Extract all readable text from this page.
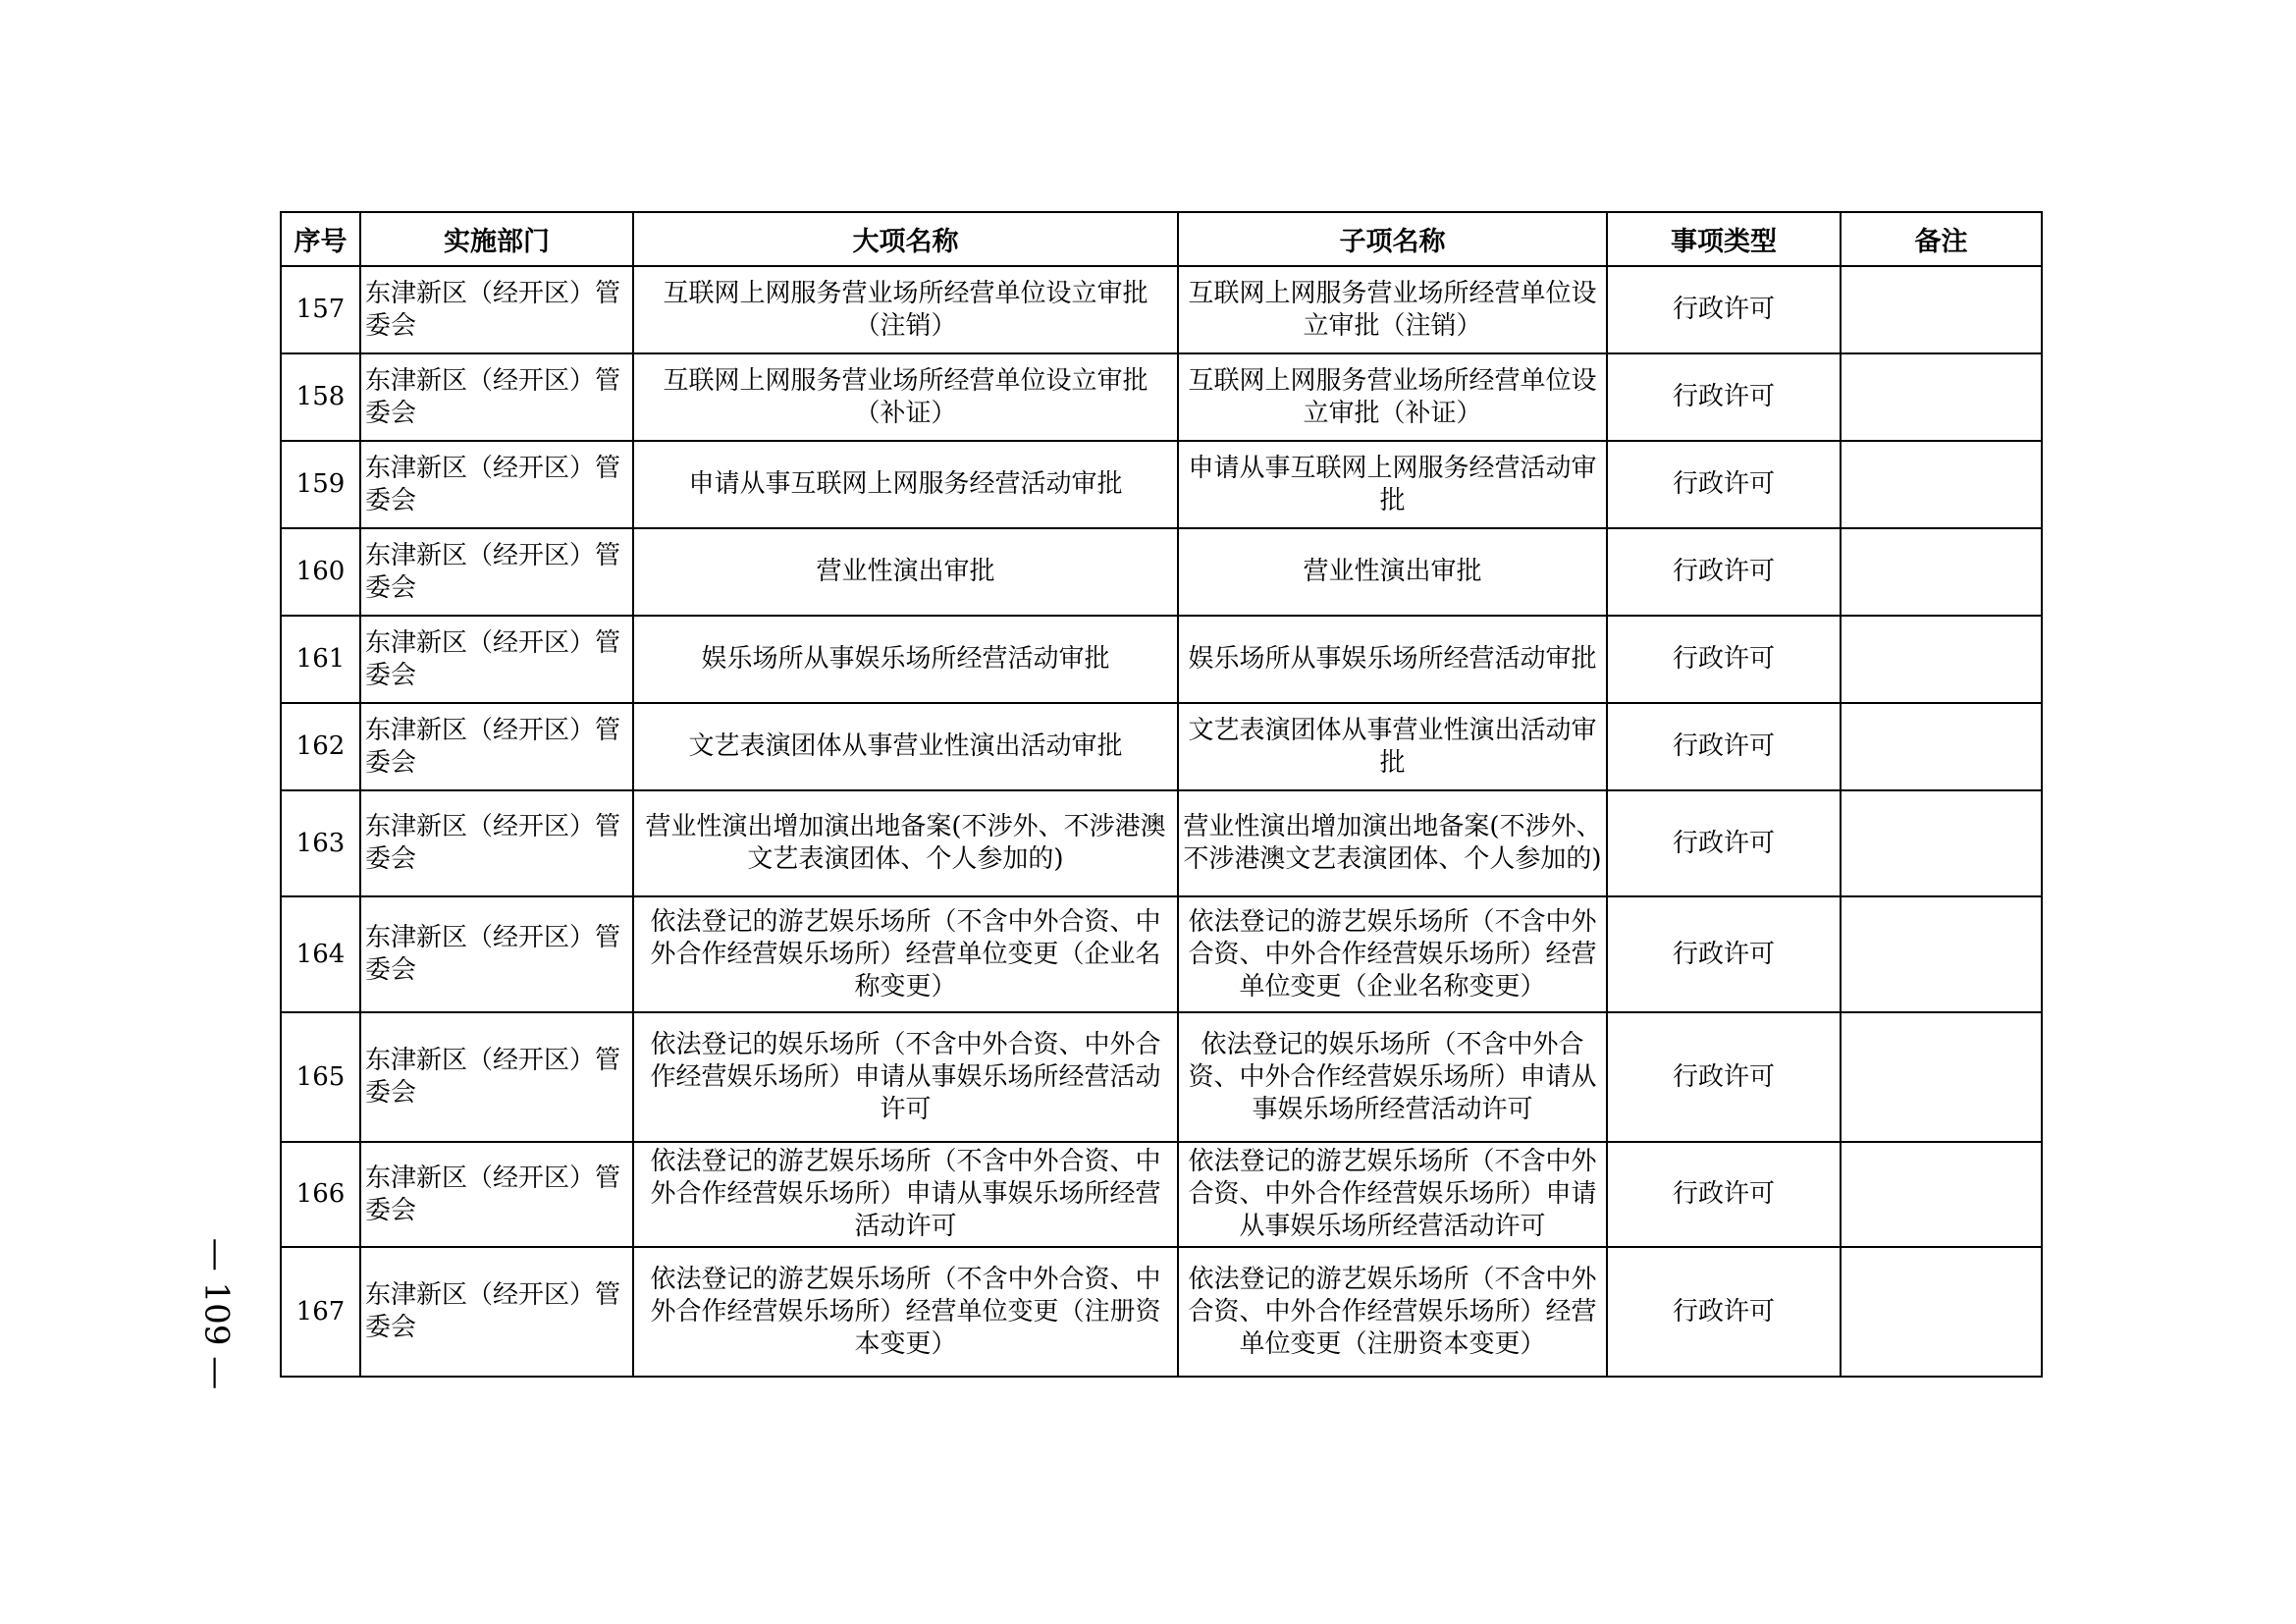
序号	实施部门	大项名称	子项名称	事项类型	备注
157	东津新区（经开区）管委会	互联网上网服务营业场所经营单位设立审批（注销）	互联网上网服务营业场所经营单位设立审批（注销）	行政许可	
158	东津新区（经开区）管委会	互联网上网服务营业场所经营单位设立审批（补证）	互联网上网服务营业场所经营单位设立审批（补证）	行政许可	
159	东津新区（经开区）管委会	申请从事互联网上网服务经营活动审批	申请从事互联网上网服务经营活动审批	行政许可	
160	东津新区（经开区）管委会	营业性演出审批	营业性演出审批	行政许可	
161	东津新区（经开区）管委会	娱乐场所从事娱乐场所经营活动审批	娱乐场所从事娱乐场所经营活动审批	行政许可	
162	东津新区（经开区）管委会	文艺表演团体从事营业性演出活动审批	文艺表演团体从事营业性演出活动审批	行政许可	
163	东津新区（经开区）管委会	营业性演出增加演出地备案(不涉外、不涉港澳文艺表演团体、个人参加的)	营业性演出增加演出地备案(不涉外、不涉港澳文艺表演团体、个人参加的)	行政许可	
164	东津新区（经开区）管委会	依法登记的游艺娱乐场所（不含中外合资、中外合作经营娱乐场所）经营单位变更（企业名称变更）	依法登记的游艺娱乐场所（不含中外合资、中外合作经营娱乐场所）经营单位变更（企业名称变更）	行政许可	
165	东津新区（经开区）管委会	依法登记的娱乐场所（不含中外合资、中外合作经营娱乐场所）申请从事娱乐场所经营活动许可	依法登记的娱乐场所（不含中外合资、中外合作经营娱乐场所）申请从事娱乐场所经营活动许可	行政许可	
166	东津新区（经开区）管委会	依法登记的游艺娱乐场所（不含中外合资、中外合作经营娱乐场所）申请从事娱乐场所经营活动许可	依法登记的游艺娱乐场所（不含中外合资、中外合作经营娱乐场所）申请从事娱乐场所经营活动许可	行政许可	
167	东津新区（经开区）管委会	依法登记的游艺娱乐场所（不含中外合资、中外合作经营娱乐场所）经营单位变更（注册资本变更）	依法登记的游艺娱乐场所（不含中外合资、中外合作经营娱乐场所）经营单位变更（注册资本变更）	行政许可	
— 109 —
